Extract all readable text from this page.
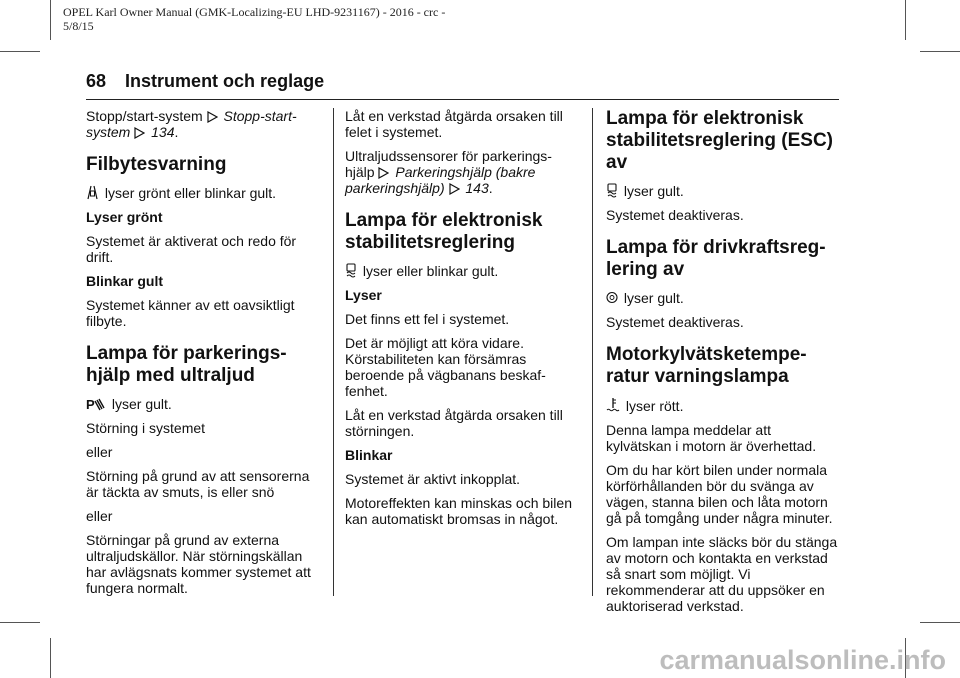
OPEL Karl Owner Manual (GMK-Localizing-EU LHD-9231167) - 2016 - crc -
5/8/15
68 Instrument och reglage

Stopp/start-system Stopp-start-system 134.

Filbytesvarning

lyser grönt eller blinkar gult.

Lyser grönt

Systemet är aktiverat och redo för drift.

Blinkar gult

Systemet känner av ett oavsiktligt filbyte.

Lampa för parkerings-hjälp med ultraljud

P lyser gult.

Störning i systemet

eller

Störning på grund av att sensorerna är täckta av smuts, is eller snö

eller

Störningar på grund av externa ultraljudskällor. När störningskällan har avlägsnats kommer systemet att fungera normalt.

Låt en verkstad åtgärda orsaken till felet i systemet.

Ultraljudssensorer för parkerings-hjälp Parkeringshjälp (bakre parkeringshjälp) 143.

Lampa för elektronisk stabilitetsreglering

lyser eller blinkar gult.

Lyser

Det finns ett fel i systemet.

Det är möjligt att köra vidare. Körstabiliteten kan försämras beroende på vägbanans beskaf-fenhet.

Låt en verkstad åtgärda orsaken till störningen.

Blinkar

Systemet är aktivt inkopplat.

Motoreffekten kan minskas och bilen kan automatiskt bromsas in något.

Lampa för elektronisk stabilitetsreglering (ESC) av

lyser gult.

Systemet deaktiveras.

Lampa för drivkraftsreg-lering av

lyser gult.

Systemet deaktiveras.

Motorkylvätsketempe-ratur varningslampa

lyser rött.

Denna lampa meddelar att kylvätskan i motorn är överhettad.

Om du har kört bilen under normala körförhållanden bör du svänga av vägen, stanna bilen och låta motorn gå på tomgång under några minuter.

Om lampan inte släcks bör du stänga av motorn och kontakta en verkstad så snart som möjligt. Vi rekommenderar att du uppsöker en auktoriserad verkstad.

carmanualsonline.info
